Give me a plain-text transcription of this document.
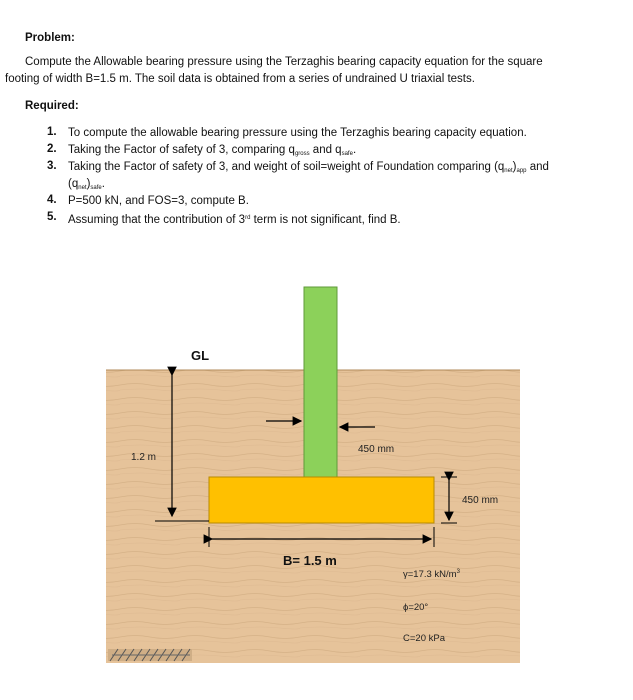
Problem:
Compute the Allowable bearing pressure using the Terzaghis bearing capacity equation for the square
footing of width B=1.5 m. The soil data is obtained from a series of undrained U triaxial tests.
Required:
1. To compute the allowable bearing pressure using the Terzaghis bearing capacity equation.
2. Taking the Factor of safety of 3, comparing $q_{gross}$ and $q_{safe}$.
3. Taking the Factor of safety of 3, and weight of soil=weight of Foundation comparing $(q_{net})_{app}$ and
$(q_{net})_{safe}$.
4. P=500 kN, and FOS=3, compute B.
5. Assuming that the contribution of 3rd term is not significant, find B.
GL
1.2 m
450 mm
450 mm
B= 1.5 m
γ=17.3 $kN/m^3$
ϕ=20°
C=20 kPa
